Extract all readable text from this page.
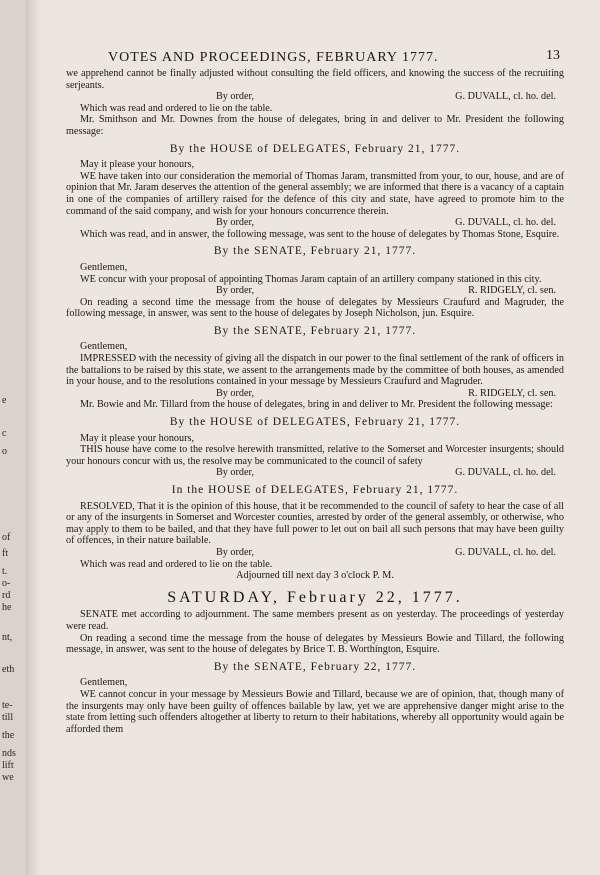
e
c
o
of
ft
t.
o-
rd
he
nt,
eth
te-
till
the
nds
lift
we
VOTES AND PROCEEDINGS, FEBRUARY 1777.	13

we apprehend cannot be finally adjusted without consulting the field officers, and knowing the success of the recruiting serjeants.

By order,	G. DUVALL, cl. ho. del.

Which was read and ordered to lie on the table.

Mr. Smithson and Mr. Downes from the house of delegates, bring in and deliver to Mr. President the following message:

By the HOUSE of DELEGATES, February 21, 1777.

May it please your honours,

WE have taken into our consideration the memorial of Thomas Jaram, transmitted from your, to our, house, and are of opinion that Mr. Jaram deserves the attention of the general assembly; we are informed that there is a vacancy of a captain in one of the companies of artillery raised for the defence of this city and state, have agreed to promote him to the command of the said company, and wish for your honours concurrence therein.

By order,	G. DUVALL, cl. ho. del.

Which was read, and in answer, the following message, was sent to the house of delegates by Thomas Stone, Esquire.

By the SENATE, February 21, 1777.

Gentlemen,

WE concur with your proposal of appointing Thomas Jaram captain of an artillery company stationed in this city.

By order,	R. RIDGELY, cl. sen.

On reading a second time the message from the house of delegates by Messieurs Craufurd and Magruder, the following message, in answer, was sent to the house of delegates by Joseph Nicholson, jun. Esquire.

By the SENATE, February 21, 1777.

Gentlemen,

IMPRESSED with the necessity of giving all the dispatch in our power to the final settlement of the rank of officers in the battalions to be raised by this state, we assent to the arrangements made by the committee of both houses, as amended in your house, and to the resolutions contained in your message by Messieurs Craufurd and Magruder.

By order,	R. RIDGELY, cl. sen.

Mr. Bowie and Mr. Tillard from the house of delegates, bring in and deliver to Mr. President the following message:

By the HOUSE of DELEGATES, February 21, 1777.

May it please your honours,

THIS house have come to the resolve herewith transmitted, relative to the Somerset and Worcester insurgents; should your honours concur with us, the resolve may be communicated to the council of safety

By order,	G. DUVALL, cl. ho. del.

In the HOUSE of DELEGATES, February 21, 1777.

RESOLVED, That it is the opinion of this house, that it be recommended to the council of safety to hear the case of all or any of the insurgents in Somerset and Worcester counties, arrested by order of the general assembly, or otherwise, who may apply to them to be bailed, and that they have full power to let out on bail all such persons that may have been guilty of offences, in their nature bailable.

By order,	G. DUVALL, cl. ho. del.

Which was read and ordered to lie on the table.

Adjourned till next day 3 o'clock P. M.

SATURDAY, February 22, 1777.

SENATE met according to adjournment. The same members present as on yesterday. The proceedings of yesterday were read.

On reading a second time the message from the house of delegates by Messieurs Bowie and Tillard, the following message, in answer, was sent to the house of delegates by Brice T. B. Worthington, Esquire.

By the SENATE, February 22, 1777.

Gentlemen,

WE cannot concur in your message by Messieurs Bowie and Tillard, because we are of opinion, that, though many of the insurgents may only have been guilty of offences bailable by law, yet we are apprehensive danger might arise to the state from letting such offenders altogether at liberty to return to their habitations, whereby all opportunity would again be afforded them
